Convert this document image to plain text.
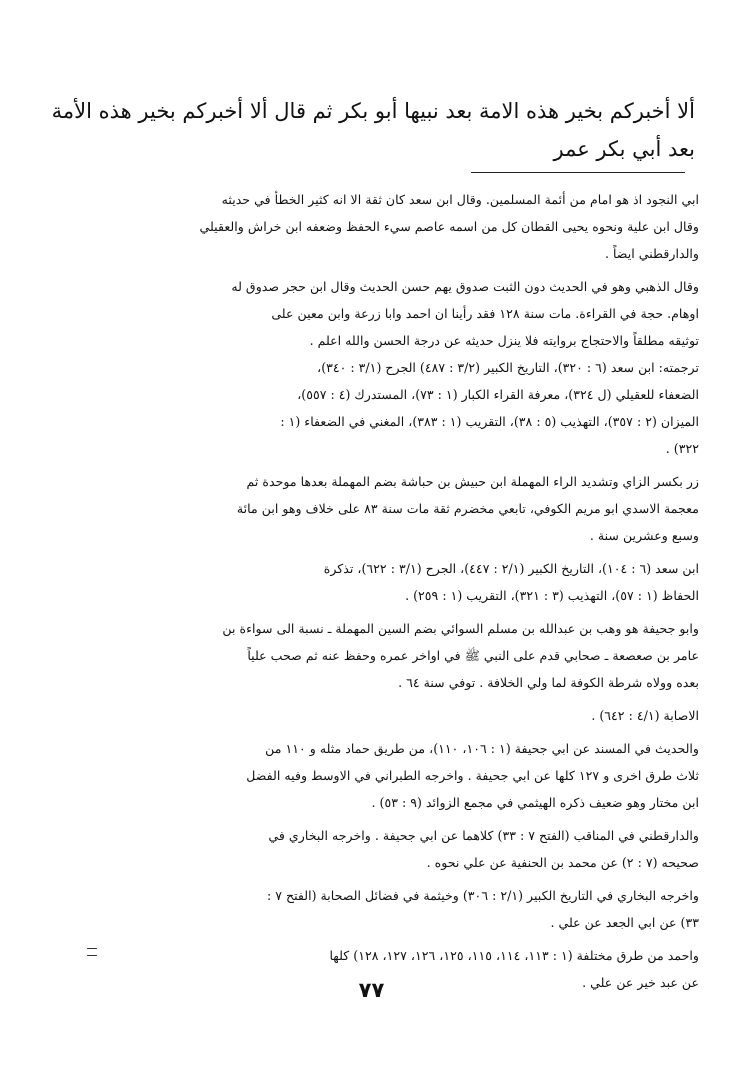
ألا أخبركم بخير هذه الامة بعد نبيها أبو بكر ثم قال ألا أخبركم بخير هذه الأمة
بعد أبي بكر عمر
ابي النجود اذ هو امام من أئمة المسلمين. وقال ابن سعد كان ثقة الا انه كثير الخطأ في حديثه
وقال ابن علية ونحوه يحيى القطان كل من اسمه عاصم سيء الحفظ وضعفه ابن خراش والعقيلي
والدارقطني ايضاً .
وقال الذهبي وهو في الحديث دون الثبت صدوق يهم حسن الحديث وقال ابن حجر صدوق له
اوهام. حجة في القراءة. مات سنة ١٢٨ فقد رأينا ان احمد وابا زرعة وابن معين على
توثيقه مطلقاً والاحتجاج بروايته فلا ينزل حديثه عن درجة الحسن والله اعلم .
ترجمته: ابن سعد (٦ : ٣٢٠)، التاريخ الكبير (٣/٢ : ٤٨٧) الجرح (٣/١ : ٣٤٠)،
الضعفاء للعقيلي (ل ٣٢٤)، معرفة القراء الكبار (١ : ٧٣)، المستدرك (٤ : ٥٥٧)،
الميزان (٢ : ٣٥٧)، التهذيب (٥ : ٣٨)، التقريب (١ : ٣٨٣)، المغني في الضعفاء (١ :
٣٢٢) .
زر بكسر الزاي وتشديد الراء المهملة ابن حبيش بن حباشة بضم المهملة بعدها موحدة ثم
معجمة الاسدي ابو مريم الكوفي، تابعي مخضرم ثقة مات سنة ٨٣ على خلاف وهو ابن مائة
وسبع وعشرين سنة .
ابن سعد (٦ : ١٠٤)، التاريخ الكبير (٢/١ : ٤٤٧)، الجرح (٣/١ : ٦٢٢)، تذكرة
الحفاظ (١ : ٥٧)، التهذيب (٣ : ٣٢١)، التقريب (١ : ٢٥٩) .
وابو جحيفة هو وهب بن عبدالله بن مسلم السوائي بضم السين المهملة ـ نسبة الى سواءة بن
عامر بن صعصعة ـ صحابي قدم على النبي ﷺ في اواخر عمره وحفظ عنه ثم صحب علياً
بعده وولاه شرطة الكوفة لما ولي الخلافة . توفي سنة ٦٤ .
الاصابة (٤/١ : ٦٤٢) .
والحديث في المسند عن ابي جحيفة (١ : ١٠٦، ١١٠)، من طريق حماد مثله و ١١٠ من
ثلاث طرق اخرى و ١٢٧ كلها عن ابي جحيفة . واخرجه الطبراني في الاوسط وفيه الفضل
ابن مختار وهو ضعيف ذكره الهيثمي في مجمع الزوائد (٩ : ٥٣) .
والدارقطني في المناقب (الفتح ٧ : ٣٣) كلاهما عن ابي جحيفة . واخرجه البخاري في
صحيحه (٧ : ٢) عن محمد بن الحنفية عن علي نحوه .
واخرجه البخاري في التاريخ الكبير (٢/١ : ٣٠٦) وخيثمة في فضائل الصحابة (الفتح ٧ :
٣٣) عن ابي الجعد عن علي .
واحمد من طرق مختلفة (١ : ١١٣، ١١٤، ١١٥، ١٢٥، ١٢٦، ١٢٧، ١٢٨) كلها
عن عبد خير عن علي .
٧٧
